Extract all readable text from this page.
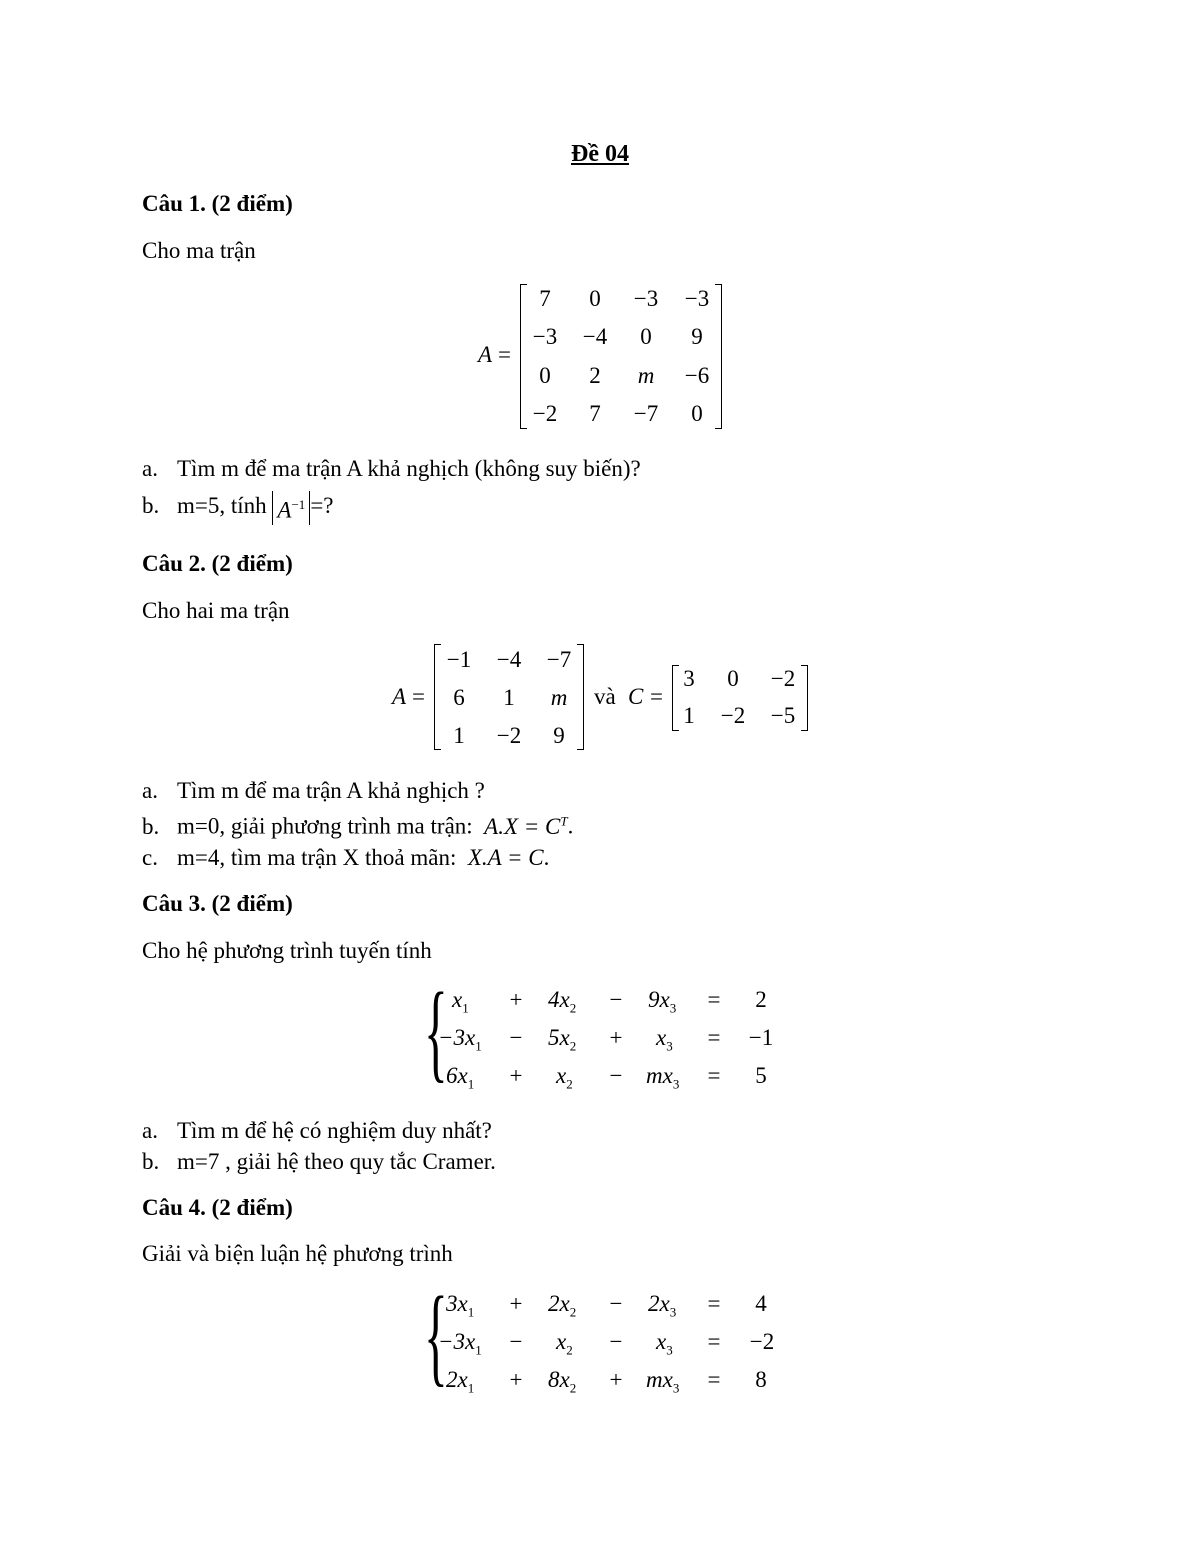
Đề 04
Câu 1. (2 điểm)
Cho ma trận
A =
7	0	−3	−3
−3	−4	0	9
0	2	m	−6
−2	7	−7	0
a. Tìm m để ma trận A khả nghịch (không suy biến)?
b. m=5, tính $A^{-1}$ =?
Câu 2. (2 điểm)
Cho hai ma trận
A =
−1	−4	−7
6	1	m
1	−2	9
và C =
3	0	−2
1	−2	−5
a. Tìm m để ma trận A khả nghịch ?
b. m=0, giải phương trình ma trận: $A.X = C^T$.
c. m=4, tìm ma trận X thoả mãn: X.A = C.
Câu 3. (2 điểm)
Cho hệ phương trình tuyến tính
{ $x_1 + 4x_2 - 9x_3$ =	2
$-3x_1 - 5x_2 + x_3 = -1$
$6x_1 + x_2 - mx_3$ =	5
a. Tìm m để hệ có nghiệm duy nhất?
b. m=7 , giải hệ theo quy tắc Cramer.
Câu 4. (2 điểm)
Giải và biện luận hệ phương trình
{
$3x_1 + 2x_2 - 2x_3$ =	4
$-3x_1 - x_2 - x_3$ =	−2
$2x_1 + 8x_2 + mx_3$ =	8
